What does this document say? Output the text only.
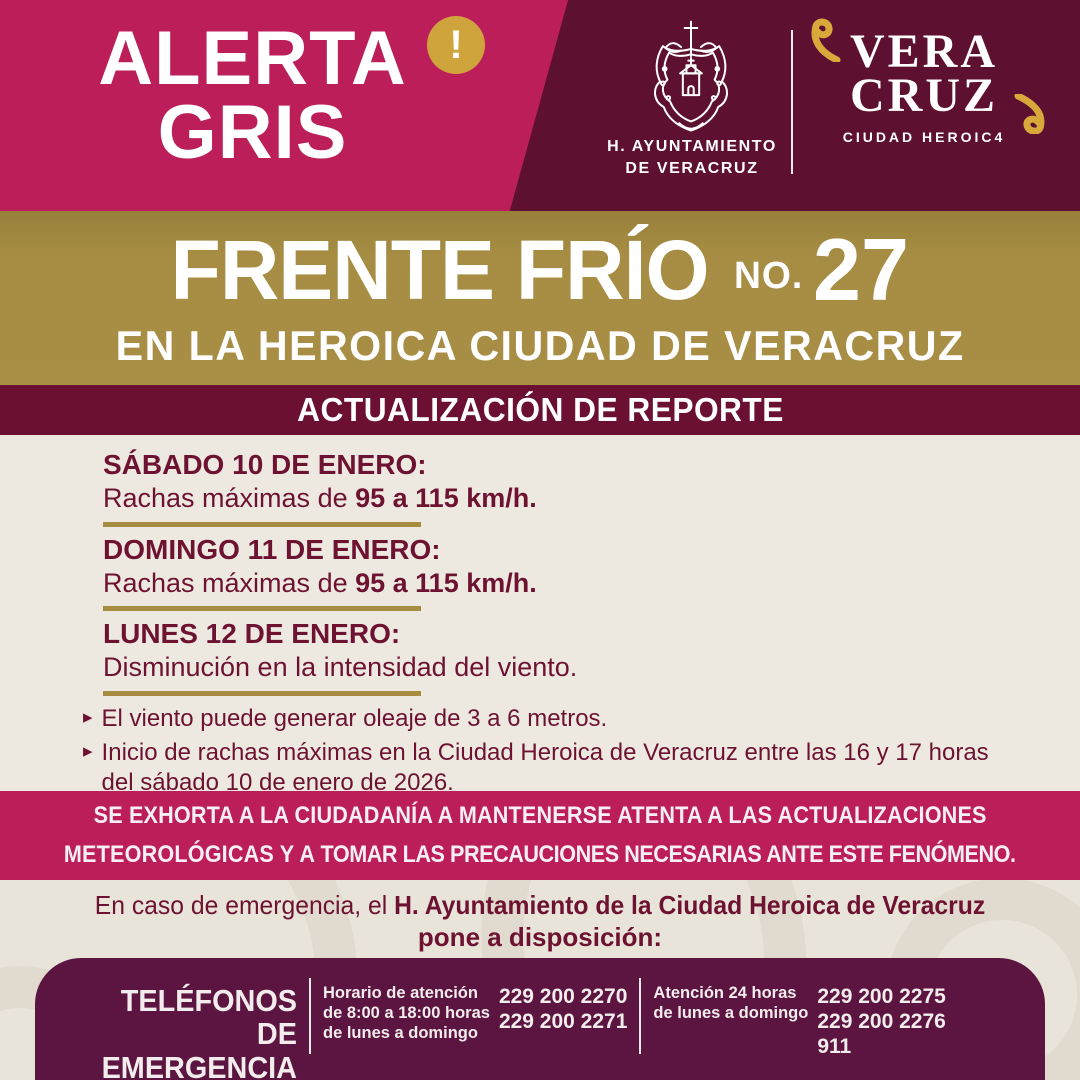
ALERTA
GRIS
!
H. AYUNTAMIENTO
DE VERACRUZ
VERA
CRUZ
CIUDAD HEROIC4
FRENTE FRÍO NO. 27
EN LA HEROICA CIUDAD DE VERACRUZ
ACTUALIZACIÓN DE REPORTE
SÁBADO 10 DE ENERO:
Rachas máximas de 95 a 115 km/h.
DOMINGO 11 DE ENERO:
Rachas máximas de 95 a 115 km/h.
LUNES 12 DE ENERO:
Disminución en la intensidad del viento.
▸ El viento puede generar oleaje de 3 a 6 metros.
▸ Inicio de rachas máximas en la Ciudad Heroica de Veracruz entre las 16 y 17 horas del sábado 10 de enero de 2026.
SE EXHORTA A LA CIUDADANÍA A MANTENERSE ATENTA A LAS ACTUALIZACIONES
METEOROLÓGICAS Y A TOMAR LAS PRECAUCIONES NECESARIAS ANTE ESTE FENÓMENO.
En caso de emergencia, el H. Ayuntamiento de la Ciudad Heroica de Veracruz
pone a disposición:
TELÉFONOS DE
EMERGENCIA
Horario de atención
de 8:00 a 18:00 horas
de lunes a domingo
229 200 2270
229 200 2271
Atención 24 horas
de lunes a domingo
229 200 2275
229 200 2276
911
